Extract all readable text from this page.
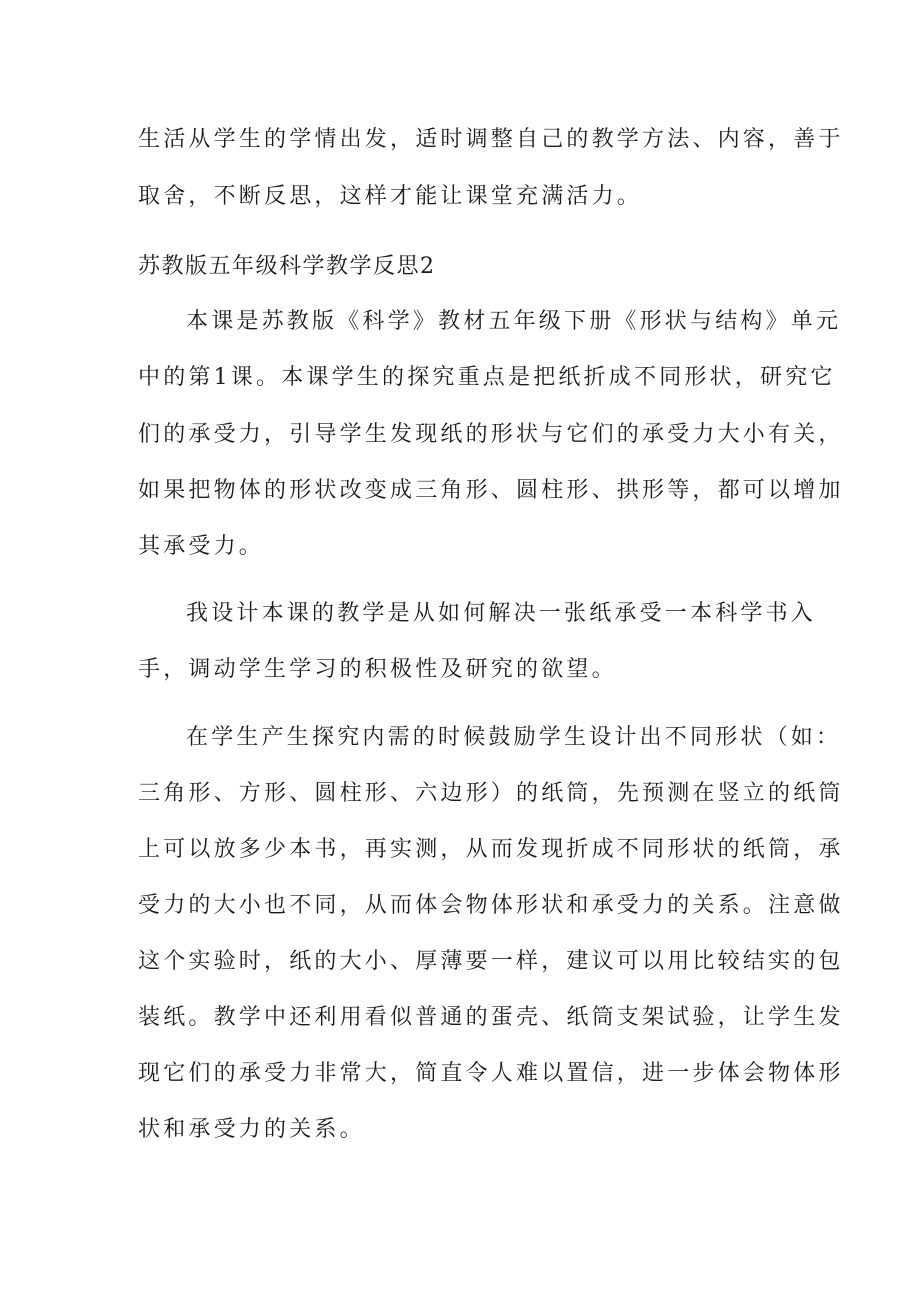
生活从学生的学情出发，适时调整自己的教学方法、内容，善于
取舍，不断反思，这样才能让课堂充满活力。
苏教版五年级科学教学反思2
本课是苏教版《科学》教材五年级下册《形状与结构》单元
中的第1课。本课学生的探究重点是把纸折成不同形状，研究它
们的承受力，引导学生发现纸的形状与它们的承受力大小有关，
如果把物体的形状改变成三角形、圆柱形、拱形等，都可以增加
其承受力。
我设计本课的教学是从如何解决一张纸承受一本科学书入
手，调动学生学习的积极性及研究的欲望。
在学生产生探究内需的时候鼓励学生设计出不同形状（如：
三角形、方形、圆柱形、六边形）的纸筒，先预测在竖立的纸筒
上可以放多少本书，再实测，从而发现折成不同形状的纸筒，承
受力的大小也不同，从而体会物体形状和承受力的关系。注意做
这个实验时，纸的大小、厚薄要一样，建议可以用比较结实的包
装纸。教学中还利用看似普通的蛋壳、纸筒支架试验，让学生发
现它们的承受力非常大，简直令人难以置信，进一步体会物体形
状和承受力的关系。
